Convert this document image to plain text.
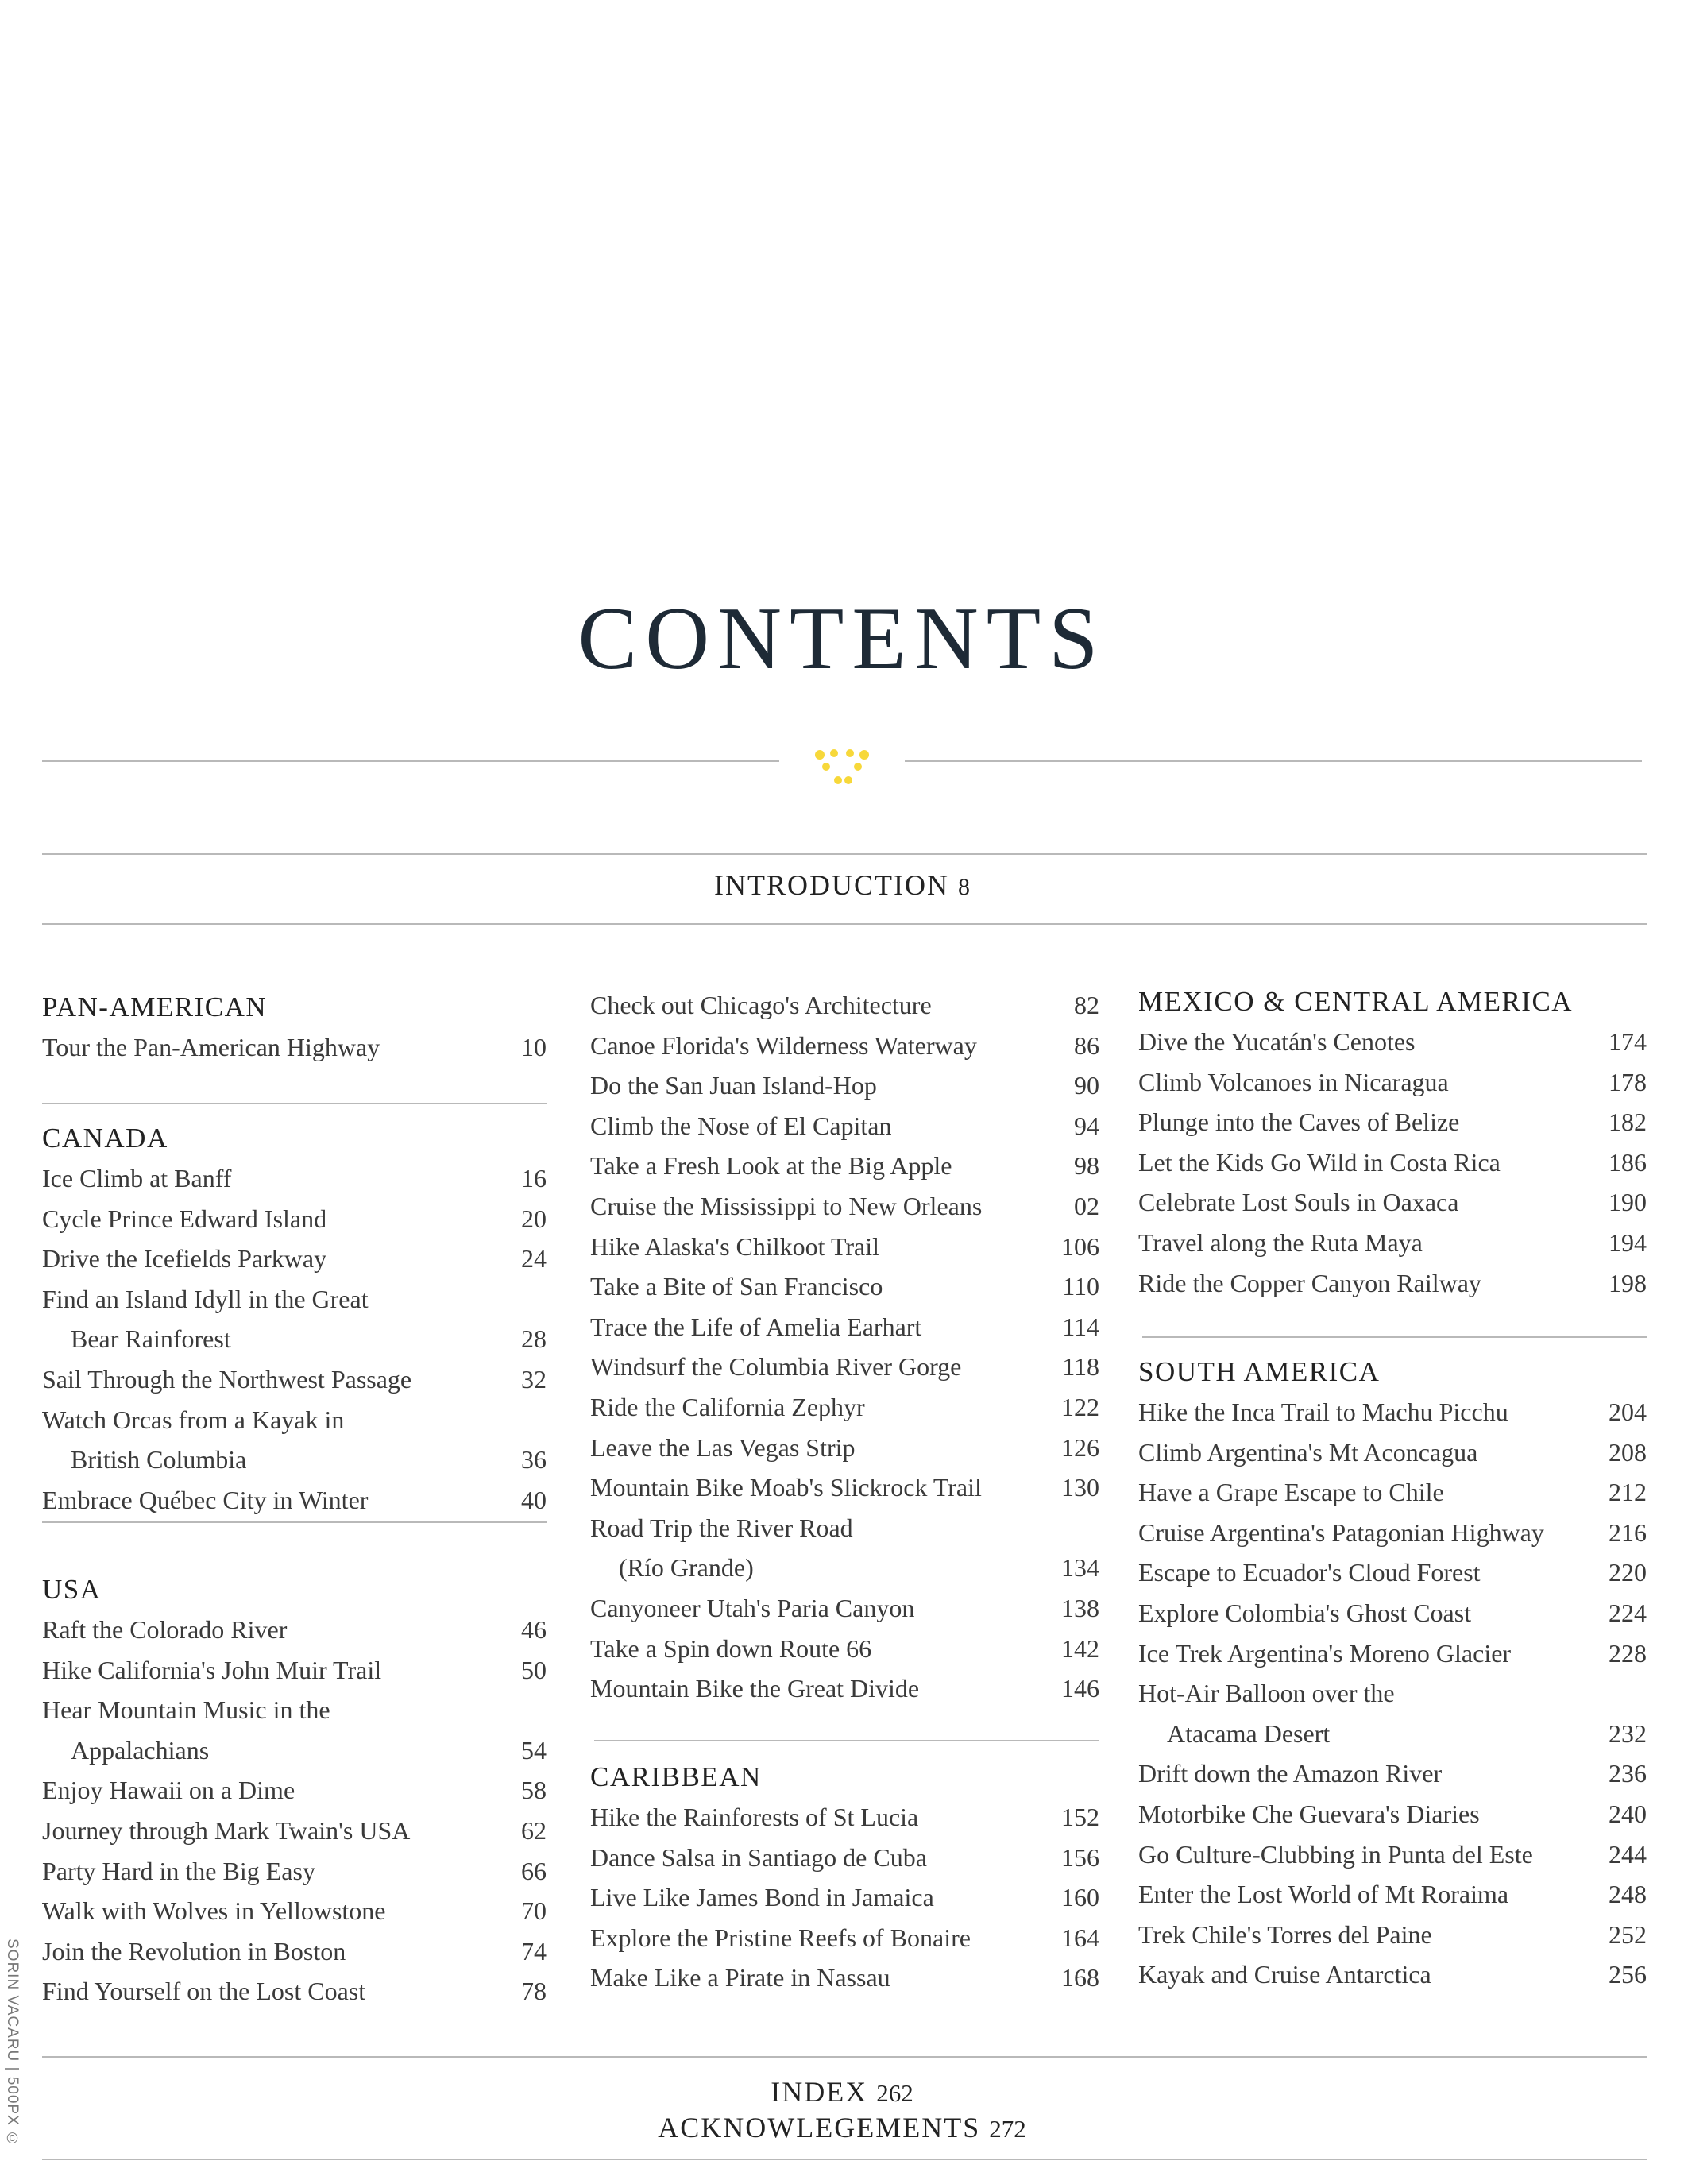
CONTENTS
INTRODUCTION 8
PAN-AMERICAN
Tour the Pan-American Highway	10
CANADA
Ice Climb at Banff	16
Cycle Prince Edward Island	20
Drive the Icefields Parkway	24
Find an Island Idyll in the Great
Bear Rainforest	28
Sail Through the Northwest Passage	32
Watch Orcas from a Kayak in
British Columbia	36
Embrace Québec City in Winter	40
USA
Raft the Colorado River	46
Hike California's John Muir Trail	50
Hear Mountain Music in the
Appalachians	54
Enjoy Hawaii on a Dime	58
Journey through Mark Twain's USA	62
Party Hard in the Big Easy	66
Walk with Wolves in Yellowstone	70
Join the Revolution in Boston	74
Find Yourself on the Lost Coast	78
Check out Chicago's Architecture	82
Canoe Florida's Wilderness Waterway	86
Do the San Juan Island-Hop	90
Climb the Nose of El Capitan	94
Take a Fresh Look at the Big Apple	98
Cruise the Mississippi to New Orleans	02
Hike Alaska's Chilkoot Trail	106
Take a Bite of San Francisco	110
Trace the Life of Amelia Earhart	114
Windsurf the Columbia River Gorge	118
Ride the California Zephyr	122
Leave the Las Vegas Strip	126
Mountain Bike Moab's Slickrock Trail	130
Road Trip the River Road
(Río Grande)	134
Canyoneer Utah's Paria Canyon	138
Take a Spin down Route 66	142
Mountain Bike the Great Divide	146
CARIBBEAN
Hike the Rainforests of St Lucia	152
Dance Salsa in Santiago de Cuba	156
Live Like James Bond in Jamaica	160
Explore the Pristine Reefs of Bonaire	164
Make Like a Pirate in Nassau	168
MEXICO & CENTRAL AMERICA
Dive the Yucatán's Cenotes	174
Climb Volcanoes in Nicaragua	178
Plunge into the Caves of Belize	182
Let the Kids Go Wild in Costa Rica	186
Celebrate Lost Souls in Oaxaca	190
Travel along the Ruta Maya	194
Ride the Copper Canyon Railway	198
SOUTH AMERICA
Hike the Inca Trail to Machu Picchu	204
Climb Argentina's Mt Aconcagua	208
Have a Grape Escape to Chile	212
Cruise Argentina's Patagonian Highway	216
Escape to Ecuador's Cloud Forest	220
Explore Colombia's Ghost Coast	224
Ice Trek Argentina's Moreno Glacier	228
Hot-Air Balloon over the
Atacama Desert	232
Drift down the Amazon River	236
Motorbike Che Guevara's Diaries	240
Go Culture-Clubbing in Punta del Este	244
Enter the Lost World of Mt Roraima	248
Trek Chile's Torres del Paine	252
Kayak and Cruise Antarctica	256
INDEX 262
ACKNOWLEGEMENTS 272
SORIN VACARU | 500PX ©
